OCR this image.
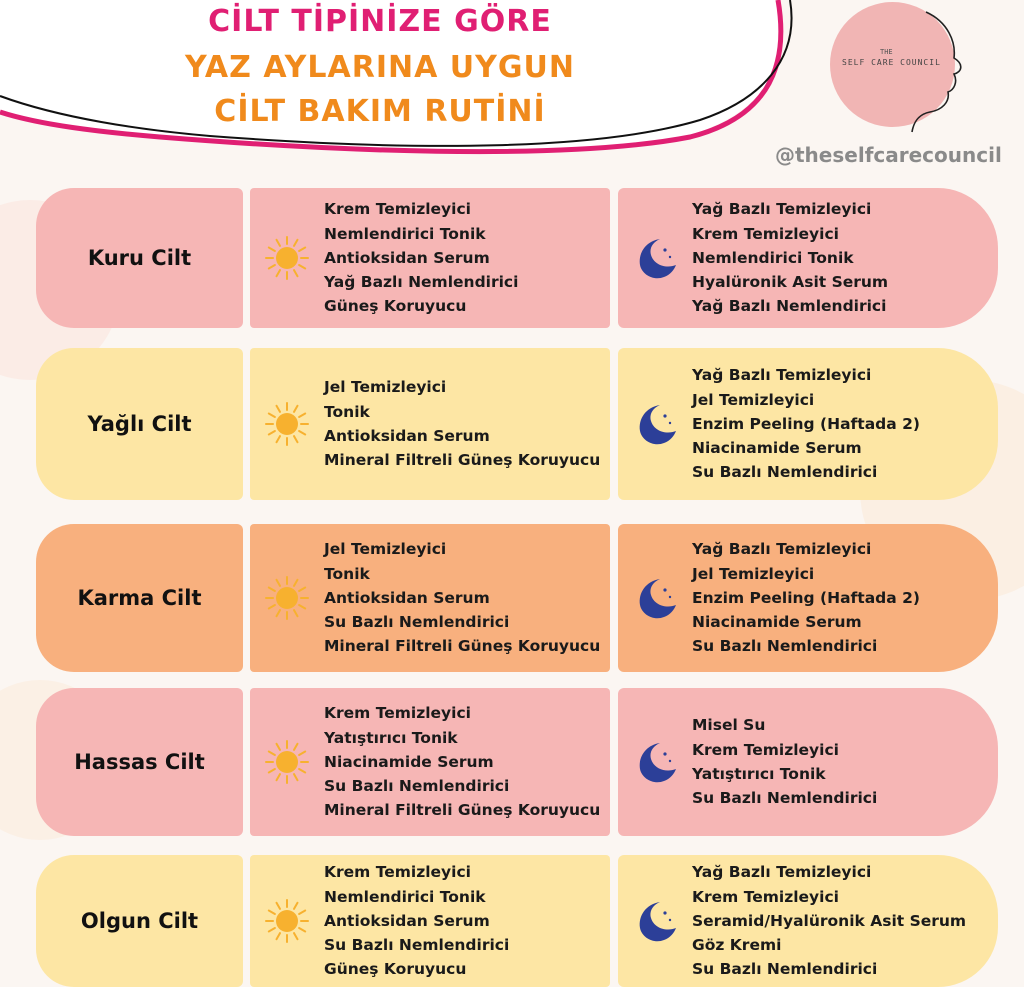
CİLT TİPİNİZE GÖRE
YAZ AYLARINA UYGUN
CİLT BAKIM RUTİNİ
THE
SELF CARE COUNCIL
@theselfcarecouncil
Kuru Cilt
Krem Temizleyici
Nemlendirici Tonik
Antioksidan Serum
Yağ Bazlı Nemlendirici
Güneş Koruyucu
Yağ Bazlı Temizleyici
Krem Temizleyici
Nemlendirici Tonik
Hyalüronik Asit Serum
Yağ Bazlı Nemlendirici
Yağlı Cilt
Jel Temizleyici
Tonik
Antioksidan Serum
Mineral Filtreli Güneş Koruyucu
Yağ Bazlı Temizleyici
Jel Temizleyici
Enzim Peeling (Haftada 2)
Niacinamide Serum
Su Bazlı Nemlendirici
Karma Cilt
Jel Temizleyici
Tonik
Antioksidan Serum
Su Bazlı Nemlendirici
Mineral Filtreli Güneş Koruyucu
Yağ Bazlı Temizleyici
Jel Temizleyici
Enzim Peeling (Haftada 2)
Niacinamide Serum
Su Bazlı Nemlendirici
Hassas Cilt
Krem Temizleyici
Yatıştırıcı Tonik
Niacinamide Serum
Su Bazlı Nemlendirici
Mineral Filtreli Güneş Koruyucu
Misel Su
Krem Temizleyici
Yatıştırıcı Tonik
Su Bazlı Nemlendirici
Olgun Cilt
Krem Temizleyici
Nemlendirici Tonik
Antioksidan Serum
Su Bazlı Nemlendirici
Güneş Koruyucu
Yağ Bazlı Temizleyici
Krem Temizleyici
Seramid/Hyalüronik Asit Serum
Göz Kremi
Su Bazlı Nemlendirici
